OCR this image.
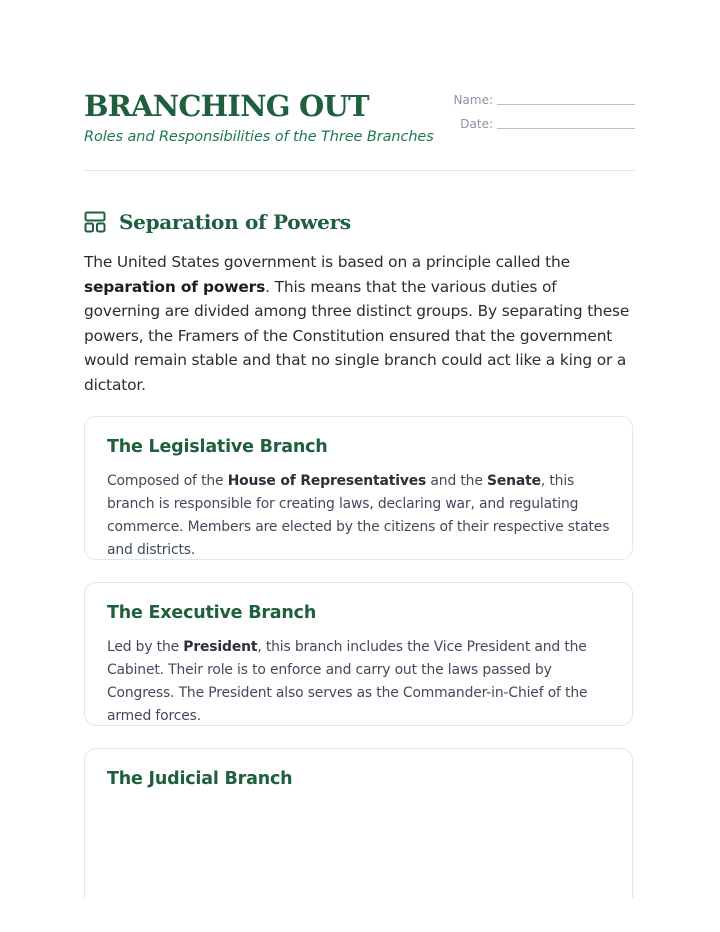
BRANCHING OUT

Roles and Responsibilities of the Three Branches

Name:
Date:
Separation of Powers

The United States government is based on a principle called the separation of powers. This means that the various duties of governing are divided among three distinct groups. By separating these powers, the Framers of the Constitution ensured that the government would remain stable and that no single branch could act like a king or a dictator.

The Legislative Branch

Composed of the House of Representatives and the Senate, this branch is responsible for creating laws, declaring war, and regulating commerce. Members are elected by the citizens of their respective states and districts.

The Executive Branch

Led by the President, this branch includes the Vice President and the Cabinet. Their role is to enforce and carry out the laws passed by Congress. The President also serves as the Commander-in-Chief of the armed forces.

The Judicial Branch
